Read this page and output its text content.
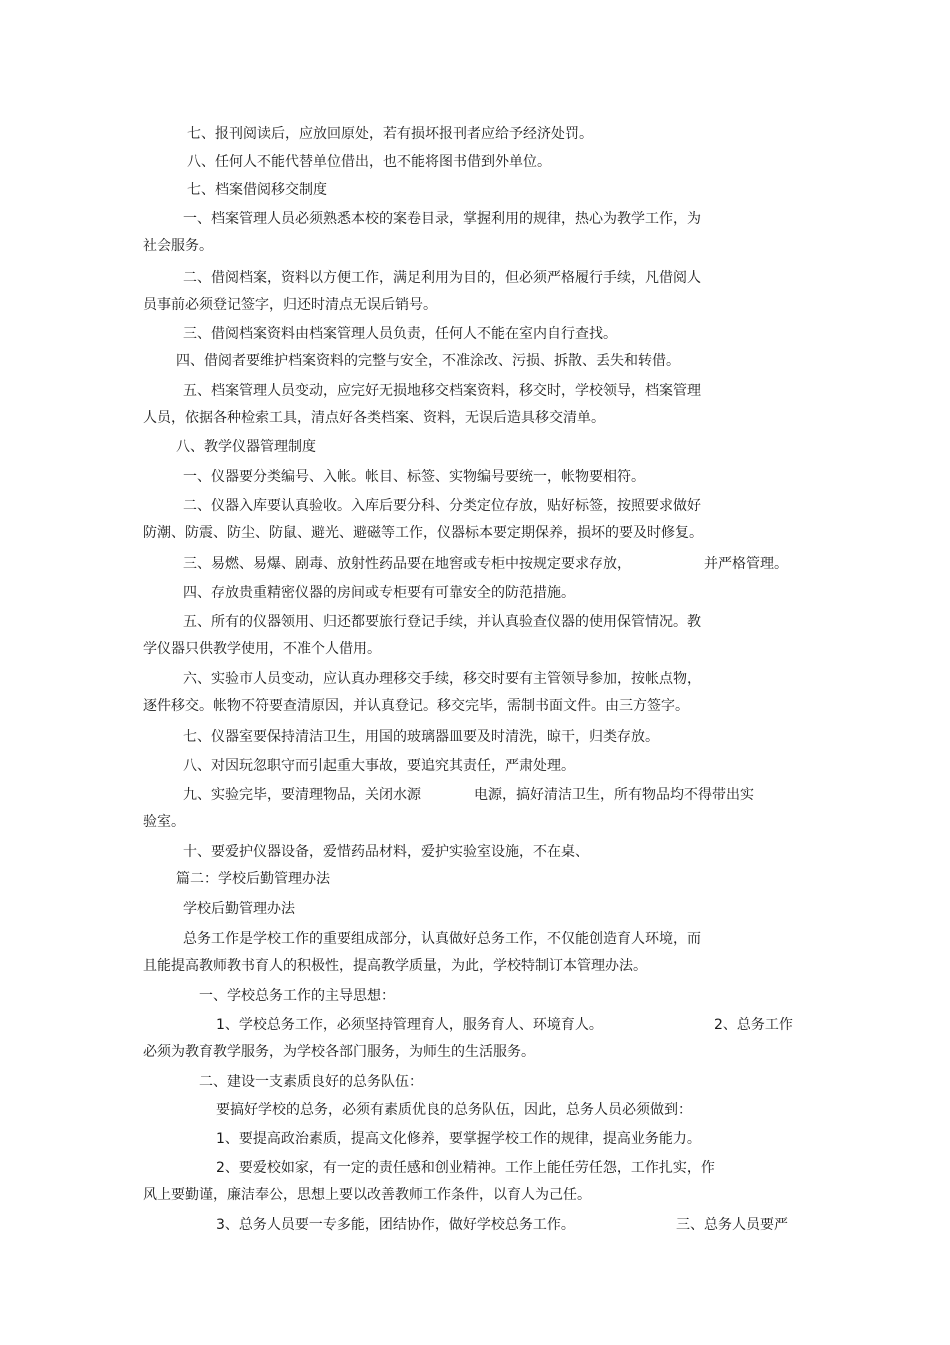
七、报刊阅读后，应放回原处，若有损坏报刊者应给予经济处罚。

八、任何人不能代替单位借出，也不能将图书借到外单位。

七、档案借阅移交制度

一、档案管理人员必须熟悉本校的案卷目录，掌握利用的规律，热心为教学工作，为

社会服务。

二、借阅档案，资料以方便工作，满足利用为目的，但必须严格履行手续，凡借阅人

员事前必须登记签字，归还时清点无误后销号。

三、借阅档案资料由档案管理人员负责，任何人不能在室内自行查找。

四、借阅者要维护档案资料的完整与安全，不准涂改、污损、拆散、丢失和转借。

五、档案管理人员变动，应完好无损地移交档案资料，移交时，学校领导，档案管理

人员，依据各种检索工具，清点好各类档案、资料，无误后造具移交清单。

八、教学仪器管理制度

一、仪器要分类编号、入帐。帐目、标签、实物编号要统一，帐物要相符。

二、仪器入库要认真验收。入库后要分科、分类定位存放，贴好标签，按照要求做好

防潮、防震、防尘、防鼠、避光、避磁等工作，仪器标本要定期保养，损坏的要及时修复。

三、易燃、易爆、剧毒、放射性药品要在地窖或专柜中按规定要求存放，	并严格管理。

四、存放贵重精密仪器的房间或专柜要有可靠安全的防范措施。

五、所有的仪器领用、归还都要旅行登记手续，并认真验查仪器的使用保管情况。教

学仪器只供教学使用，不准个人借用。

六、实验市人员变动，应认真办理移交手续，移交时要有主管领导参加，按帐点物，

逐件移交。帐物不符要查清原因，并认真登记。移交完毕，需制书面文件。由三方签字。

七、仪器室要保持清洁卫生，用国的玻璃器皿要及时清洗，晾干，归类存放。

八、对因玩忽职守而引起重大事故，要追究其责任，严肃处理。

九、实验完毕，要清理物品，关闭水源	电源，搞好清洁卫生，所有物品均不得带出实

验室。

十、要爱护仪器设备，爱惜药品材料，爱护实验室设施，不在桌、

篇二：学校后勤管理办法

学校后勤管理办法

总务工作是学校工作的重要组成部分，认真做好总务工作，不仅能创造育人环境，而

且能提高教师教书育人的积极性，提高教学质量，为此，学校特制订本管理办法。

一、学校总务工作的主导思想：

1、学校总务工作，必须坚持管理育人，服务育人、环境育人。	2、总务工作

必须为教育教学服务，为学校各部门服务，为师生的生活服务。

二、建设一支素质良好的总务队伍：

要搞好学校的总务，必须有素质优良的总务队伍，因此，总务人员必须做到：

1、要提高政治素质，提高文化修养，要掌握学校工作的规律，提高业务能力。

2、要爱校如家，有一定的责任感和创业精神。工作上能任劳任怨，工作扎实，作

风上要勤谨，廉洁奉公，思想上要以改善教师工作条件，以育人为己任。

3、总务人员要一专多能，团结协作，做好学校总务工作。	三、总务人员要严
